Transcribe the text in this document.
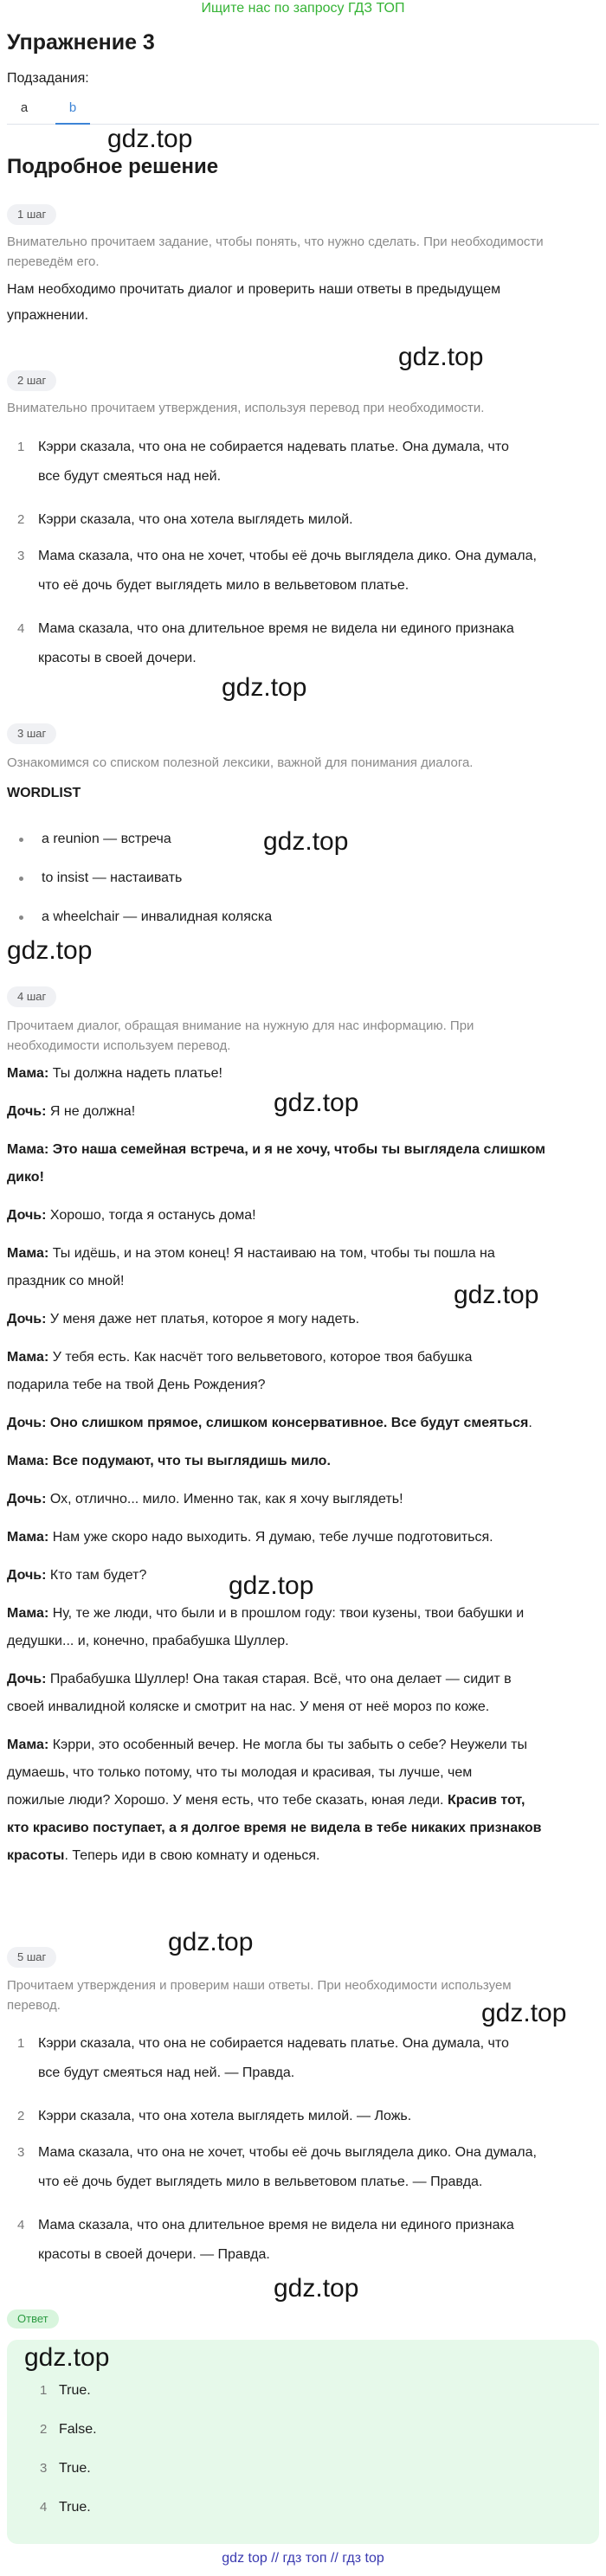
Ищите нас по запросу ГДЗ ТОП
Упражнение 3
Подзадания:
a	b
gdz.top
Подробное решение
1 шаг
Внимательно прочитаем задание, чтобы понять, что нужно сделать. При необходимости
переведём его.
Нам необходимо прочитать диалог и проверить наши ответы в предыдущем
упражнении.
gdz.top
2 шаг
Внимательно прочитаем утверждения, используя перевод при необходимости.
1 Кэрри сказала, что она не собирается надевать платье. Она думала, что
все будут смеяться над ней.
2 Кэрри сказала, что она хотела выглядеть милой.
3 Мама сказала, что она не хочет, чтобы её дочь выглядела дико. Она думала,
что её дочь будет выглядеть мило в вельветовом платье.
4 Мама сказала, что она длительное время не видела ни единого признака
красоты в своей дочери.
gdz.top
3 шаг
Ознакомимся со списком полезной лексики, важной для понимания диалога.
WORDLIST
a reunion — встреча	gdz.top
to insist — настаивать
a wheelchair — инвалидная коляска
gdz.top
4 шаг
Прочитаем диалог, обращая внимание на нужную для нас информацию. При
необходимости используем перевод.
Мама: Ты должна надеть платье!
Дочь: Я не должна!
Мама: Это наша семейная встреча, и я не хочу, чтобы ты выглядела слишком
дико!
Дочь: Хорошо, тогда я останусь дома!
Мама: Ты идёшь, и на этом конец! Я настаиваю на том, чтобы ты пошла на
праздник со мной!
Дочь: У меня даже нет платья, которое я могу надеть.
Мама: У тебя есть. Как насчёт того вельветового, которое твоя бабушка
подарила тебе на твой День Рождения?
Дочь: Оно слишком прямое, слишком консервативное. Все будут смеяться.
Мама: Все подумают, что ты выглядишь мило.
Дочь: Ох, отлично... мило. Именно так, как я хочу выглядеть!
Мама: Нам уже скоро надо выходить. Я думаю, тебе лучше подготовиться.
Дочь: Кто там будет?
Мама: Ну, те же люди, что были и в прошлом году: твои кузены, твои бабушки и
дедушки... и, конечно, прабабушка Шуллер.
Дочь: Прабабушка Шуллер! Она такая старая. Всё, что она делает — сидит в
своей инвалидной коляске и смотрит на нас. У меня от неё мороз по коже.
Мама: Кэрри, это особенный вечер. Не могла бы ты забыть о себе? Неужели ты
думаешь, что только потому, что ты молодая и красивая, ты лучше, чем
пожилые люди? Хорошо. У меня есть, что тебе сказать, юная леди. Красив тот,
кто красиво поступает, а я долгое время не видела в тебе никаких признаков
красоты. Теперь иди в свою комнату и оденься.
gdz.top
gdz.top
gdz.top
gdz.top
5 шаг
Прочитаем утверждения и проверим наши ответы. При необходимости используем
перевод.	gdz.top
1 Кэрри сказала, что она не собирается надевать платье. Она думала, что
все будут смеяться над ней. — Правда.
2 Кэрри сказала, что она хотела выглядеть милой. — Ложь.
3 Мама сказала, что она не хочет, чтобы её дочь выглядела дико. Она думала,
что её дочь будет выглядеть мило в вельветовом платье. — Правда.
4 Мама сказала, что она длительное время не видела ни единого признака
красоты в своей дочери. — Правда.
gdz.top
Ответ
gdz.top
1 True.
2 False.
3 True.
4 True.
gdz top // гдз топ // гдз top
